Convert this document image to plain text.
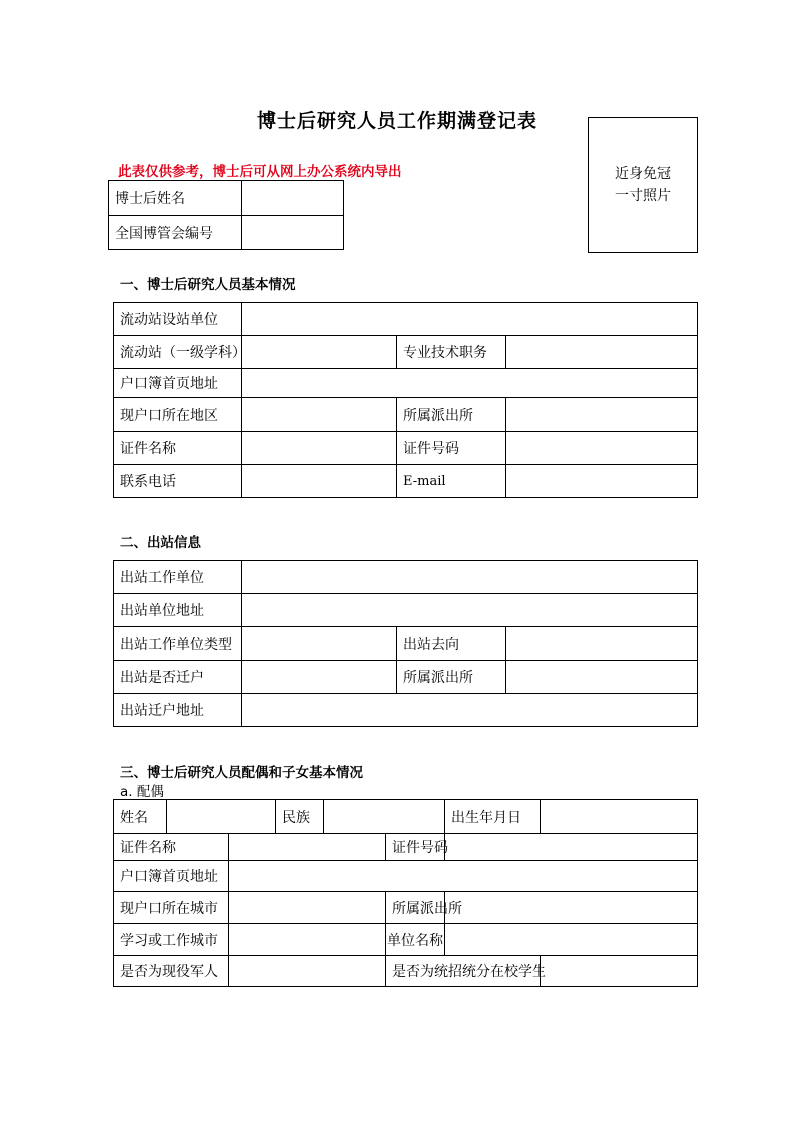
博士后研究人员工作期满登记表
此表仅供参考，博士后可从网上办公系统内导出	近身免冠
一寸照片
博士后姓名	
全国博管会编号	
一、博士后研究人员基本情况
流动站设站单位			
流动站（一级学科）		专业技术职务	
户口簿首页地址			
现户口所在地区		所属派出所	
证件名称		证件号码	
联系电话		E-mail	
二、出站信息
出站工作单位			
出站单位地址			
出站工作单位类型		出站去向	
出站是否迁户		所属派出所	
出站迁户地址			
三、博士后研究人员配偶和子女基本情况
a. 配偶
姓名			民族			出生年月日	
证件名称					证件号码		
户口簿首页地址							
现户口所在城市					所属派出所		
学习或工作城市					单位名称		
是否为现役军人					是否为统招统分在校学生		
